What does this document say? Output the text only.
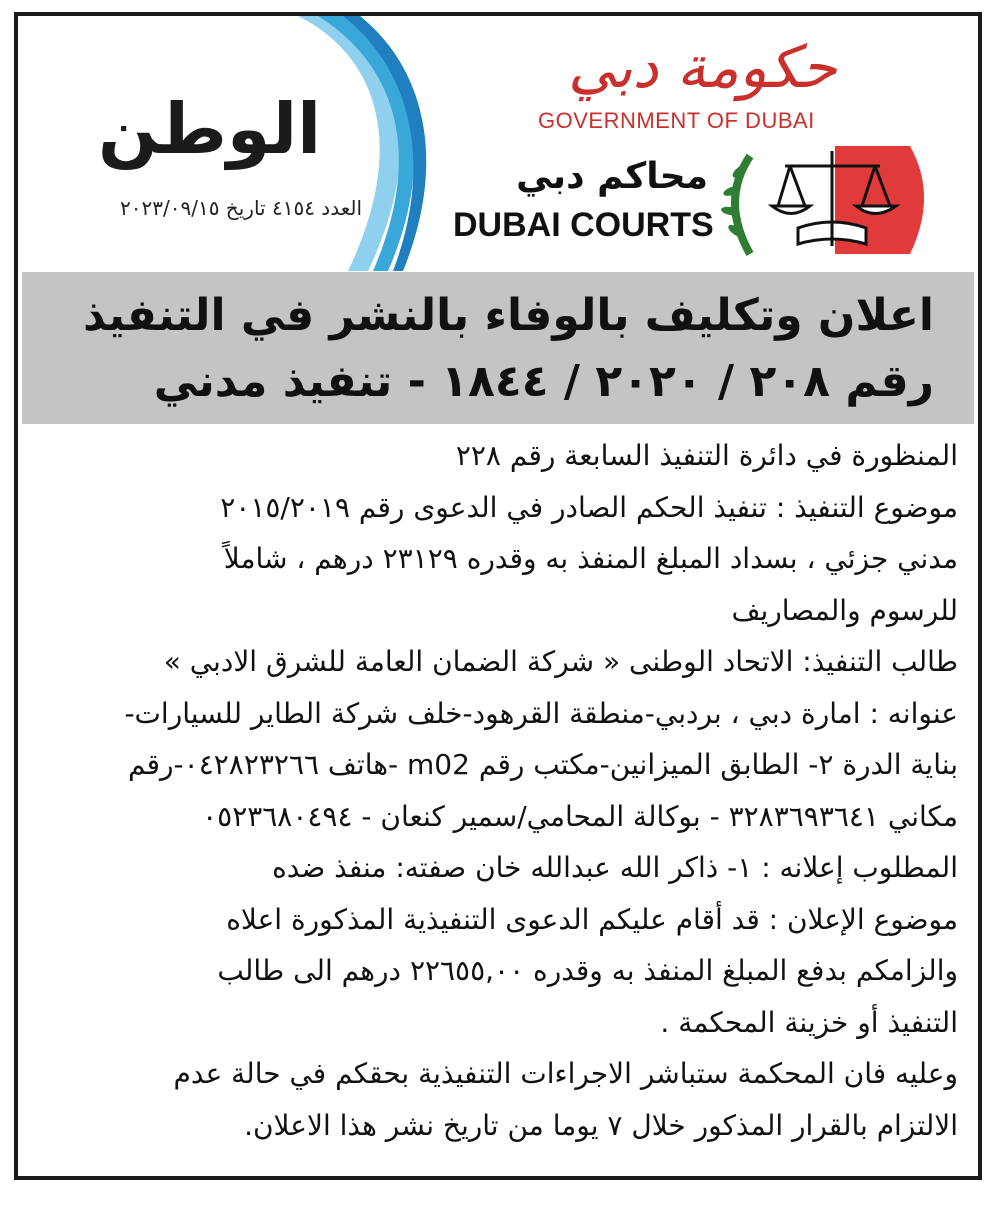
الوطن
العدد ٤١٥٤ تاريخ ٢٠٢٣/٠٩/١٥
حكومة دبي
GOVERNMENT OF DUBAI
محاكم دبي
DUBAI COURTS
اعلان وتكليف بالوفاء بالنشر في التنفيذ
رقم ٢٠٨ / ٢٠٢٠ / ١٨٤٤ - تنفيذ مدني

المنظورة في دائرة التنفيذ السابعة رقم ٢٢٨

موضوع التنفيذ : تنفيذ الحكم الصادر في الدعوى رقم ٢٠١٥/٢٠١٩

مدني جزئي ، بسداد المبلغ المنفذ به وقدره ٢٣١٢٩ درهم ، شاملاً

للرسوم والمصاريف

طالب التنفيذ: الاتحاد الوطنى « شركة الضمان العامة للشرق الادبي »

عنوانه : امارة دبي ، بردبي-منطقة القرهود-خلف شركة الطاير للسيارات-

بناية الدرة ٢- الطابق الميزانين-مكتب رقم m02 -هاتف ٠٤٢٨٢٣٢٦٦-رقم

مكاني ٣٢٨٣٦٩٣٦٤١ - بوكالة المحامي/سمير كنعان - ٠٥٢٣٦٨٠٤٩٤

المطلوب إعلانه : ١- ذاكر الله عبدالله خان صفته: منفذ ضده

موضوع الإعلان : قد أقام عليكم الدعوى التنفيذية المذكورة اعلاه

والزامكم بدفع المبلغ المنفذ به وقدره ٢٢٦٥٥,٠٠ درهم الى طالب

التنفيذ أو خزينة المحكمة .

وعليه فان المحكمة ستباشر الاجراءات التنفيذية بحقكم في حالة عدم

الالتزام بالقرار المذكور خلال ٧ يوما من تاريخ نشر هذا الاعلان.
